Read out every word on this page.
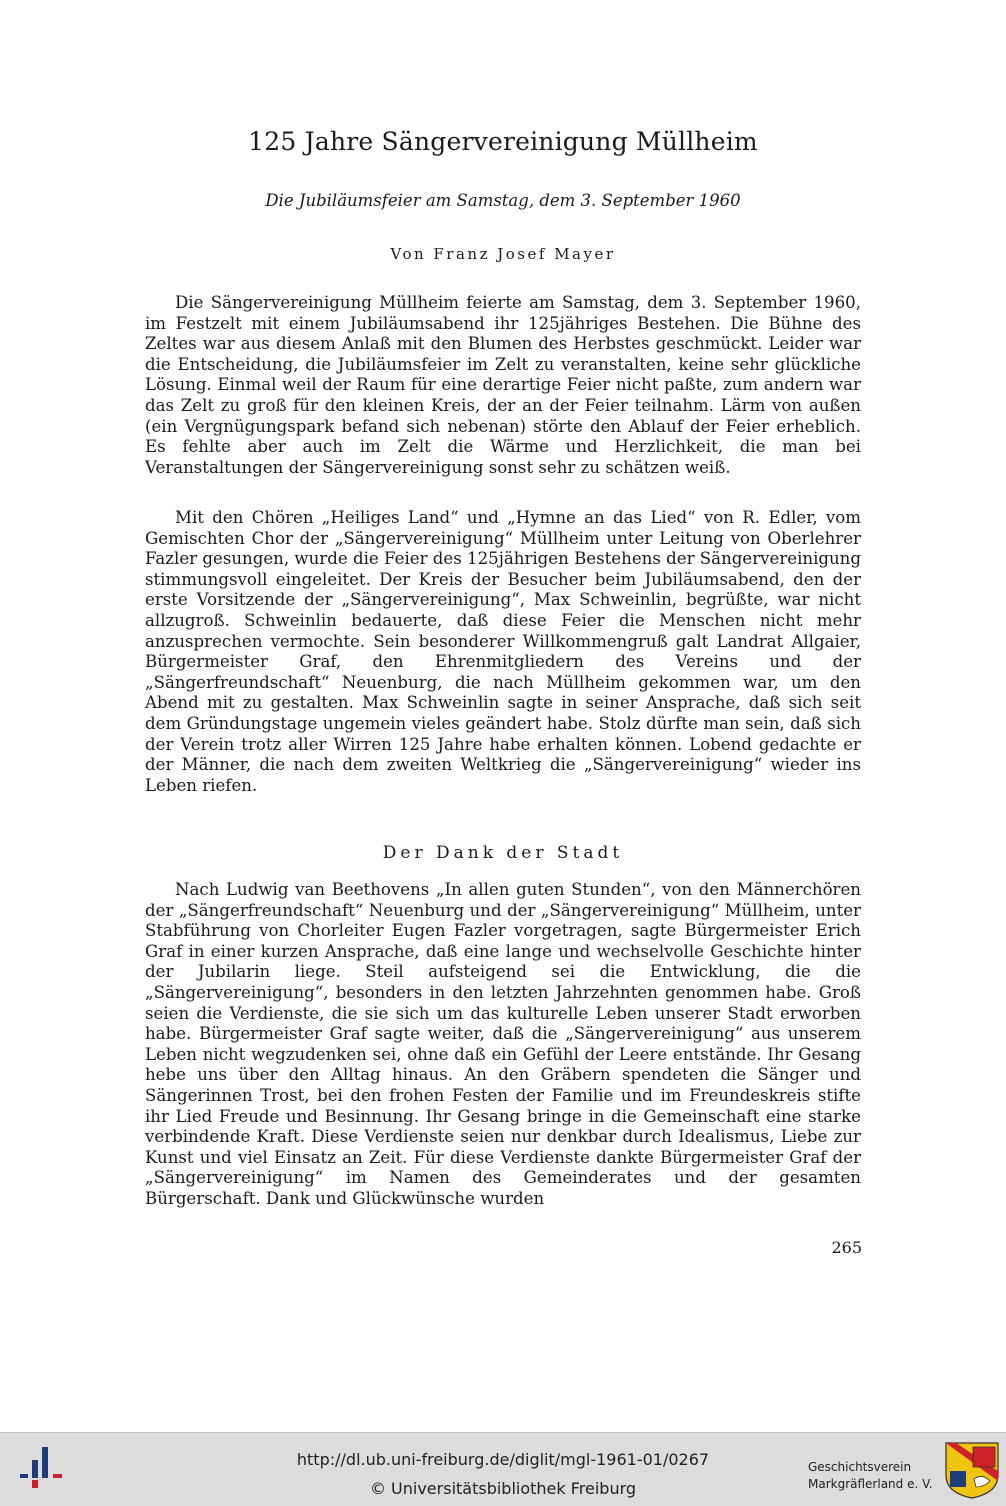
125 Jahre Sängervereinigung Müllheim
Die Jubiläumsfeier am Samstag, dem 3. September 1960
Von Franz Josef Mayer

Die Sängervereinigung Müllheim feierte am Samstag, dem 3. September 1960, im Festzelt mit einem Jubiläumsabend ihr 125jähriges Bestehen. Die Bühne des Zeltes war aus diesem Anlaß mit den Blumen des Herbstes geschmückt. Leider war die Entscheidung, die Jubiläumsfeier im Zelt zu veranstalten, keine sehr glückliche Lösung. Einmal weil der Raum für eine derartige Feier nicht paßte, zum andern war das Zelt zu groß für den kleinen Kreis, der an der Feier teilnahm. Lärm von außen (ein Vergnügungspark befand sich nebenan) störte den Ablauf der Feier erheblich. Es fehlte aber auch im Zelt die Wärme und Herzlichkeit, die man bei Veranstaltungen der Sängervereinigung sonst sehr zu schätzen weiß.

Mit den Chören „Heiliges Land“ und „Hymne an das Lied“ von R. Edler, vom Gemischten Chor der „Sängervereinigung“ Müllheim unter Leitung von Oberlehrer Fazler gesungen, wurde die Feier des 125jährigen Bestehens der Sängervereinigung stimmungsvoll eingeleitet. Der Kreis der Besucher beim Jubiläumsabend, den der erste Vorsitzende der „Sängervereinigung“, Max Schweinlin, begrüßte, war nicht allzugroß. Schweinlin bedauerte, daß diese Feier die Menschen nicht mehr anzusprechen vermochte. Sein besonderer Willkommengruß galt Landrat Allgaier, Bürgermeister Graf, den Ehrenmitgliedern des Vereins und der „Sängerfreundschaft“ Neuenburg, die nach Müllheim gekommen war, um den Abend mit zu gestalten. Max Schweinlin sagte in seiner Ansprache, daß sich seit dem Gründungstage ungemein vieles geändert habe. Stolz dürfte man sein, daß sich der Verein trotz aller Wirren 125 Jahre habe erhalten können. Lobend gedachte er der Männer, die nach dem zweiten Weltkrieg die „Sängervereinigung“ wieder ins Leben riefen.

Der Dank der Stadt

Nach Ludwig van Beethovens „In allen guten Stunden“, von den Männerchören der „Sängerfreundschaft“ Neuenburg und der „Sängervereinigung“ Müllheim, unter Stabführung von Chorleiter Eugen Fazler vorgetragen, sagte Bürgermeister Erich Graf in einer kurzen Ansprache, daß eine lange und wechselvolle Geschichte hinter der Jubilarin liege. Steil aufsteigend sei die Entwicklung, die die „Sängervereinigung“, besonders in den letzten Jahrzehnten genommen habe. Groß seien die Verdienste, die sie sich um das kulturelle Leben unserer Stadt erworben habe. Bürgermeister Graf sagte weiter, daß die „Sängervereinigung“ aus unserem Leben nicht wegzudenken sei, ohne daß ein Gefühl der Leere entstände. Ihr Gesang hebe uns über den Alltag hinaus. An den Gräbern spendeten die Sänger und Sängerinnen Trost, bei den frohen Festen der Familie und im Freundeskreis stifte ihr Lied Freude und Besinnung. Ihr Gesang bringe in die Gemeinschaft eine starke verbindende Kraft. Diese Verdienste seien nur denkbar durch Idealismus, Liebe zur Kunst und viel Einsatz an Zeit. Für diese Verdienste dankte Bürgermeister Graf der „Sängervereinigung“ im Namen des Gemeinderates und der gesamten Bürgerschaft. Dank und Glückwünsche wurden

265
http://dl.ub.uni-freiburg.de/diglit/mgl-1961-01/0267
© Universitätsbibliothek Freiburg
Geschichtsverein
Markgräflerland e. V.
